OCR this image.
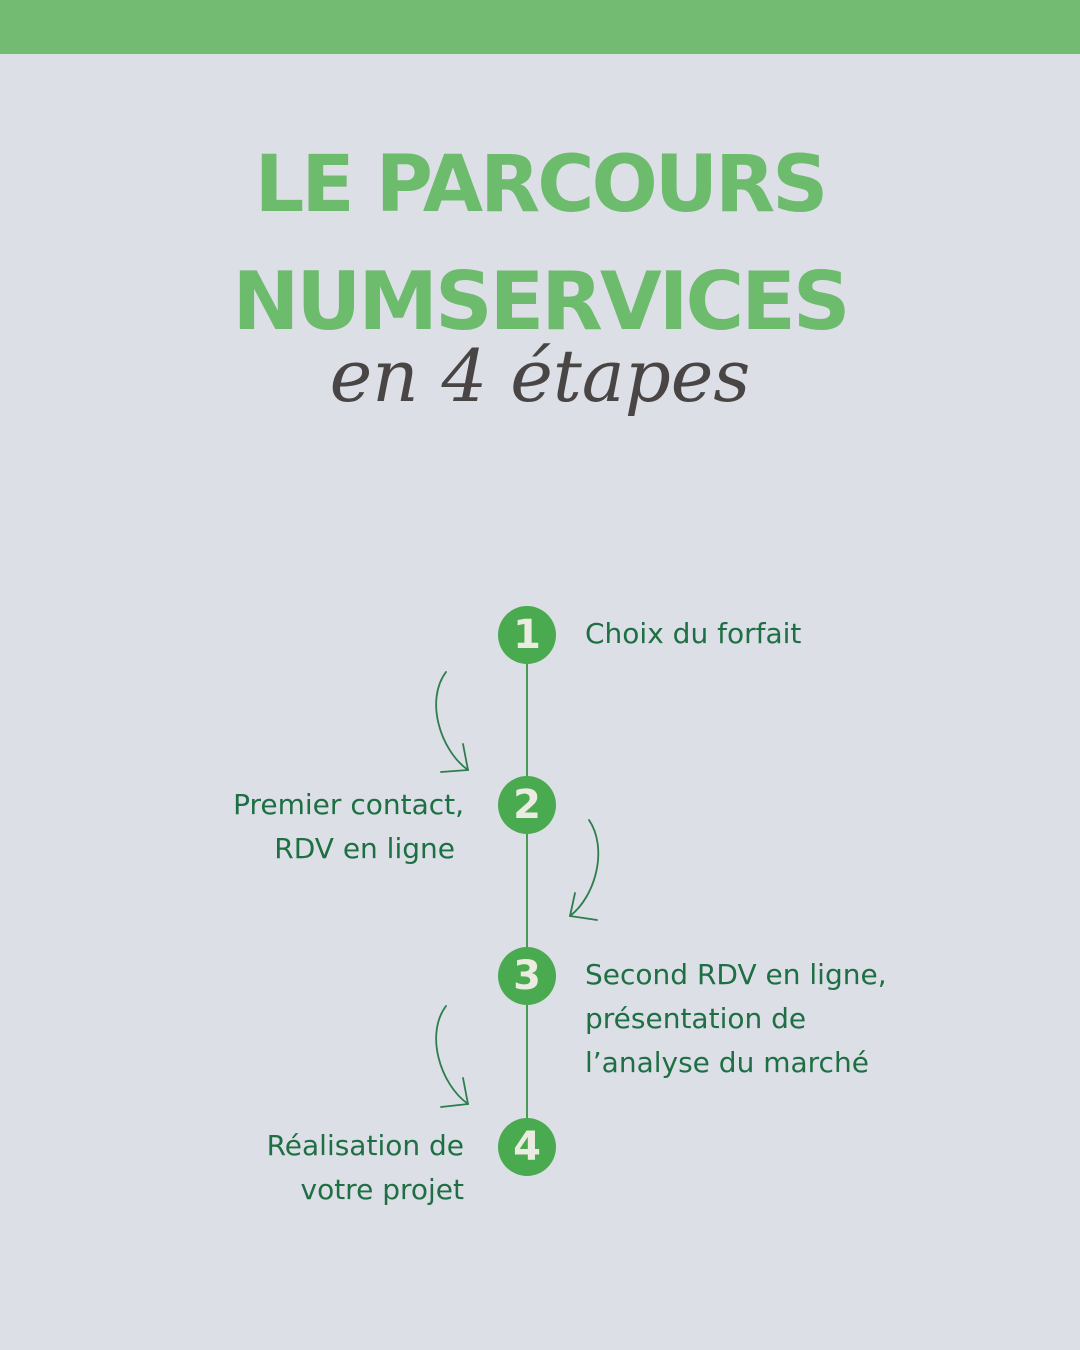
LE PARCOURS
NUMSERVICES

en 4 étapes

1
2
3
4

Choix du forfait

Premier contact,
RDV en ligne

Second RDV en ligne,
présentation de
l’analyse du marché

Réalisation de
votre projet
